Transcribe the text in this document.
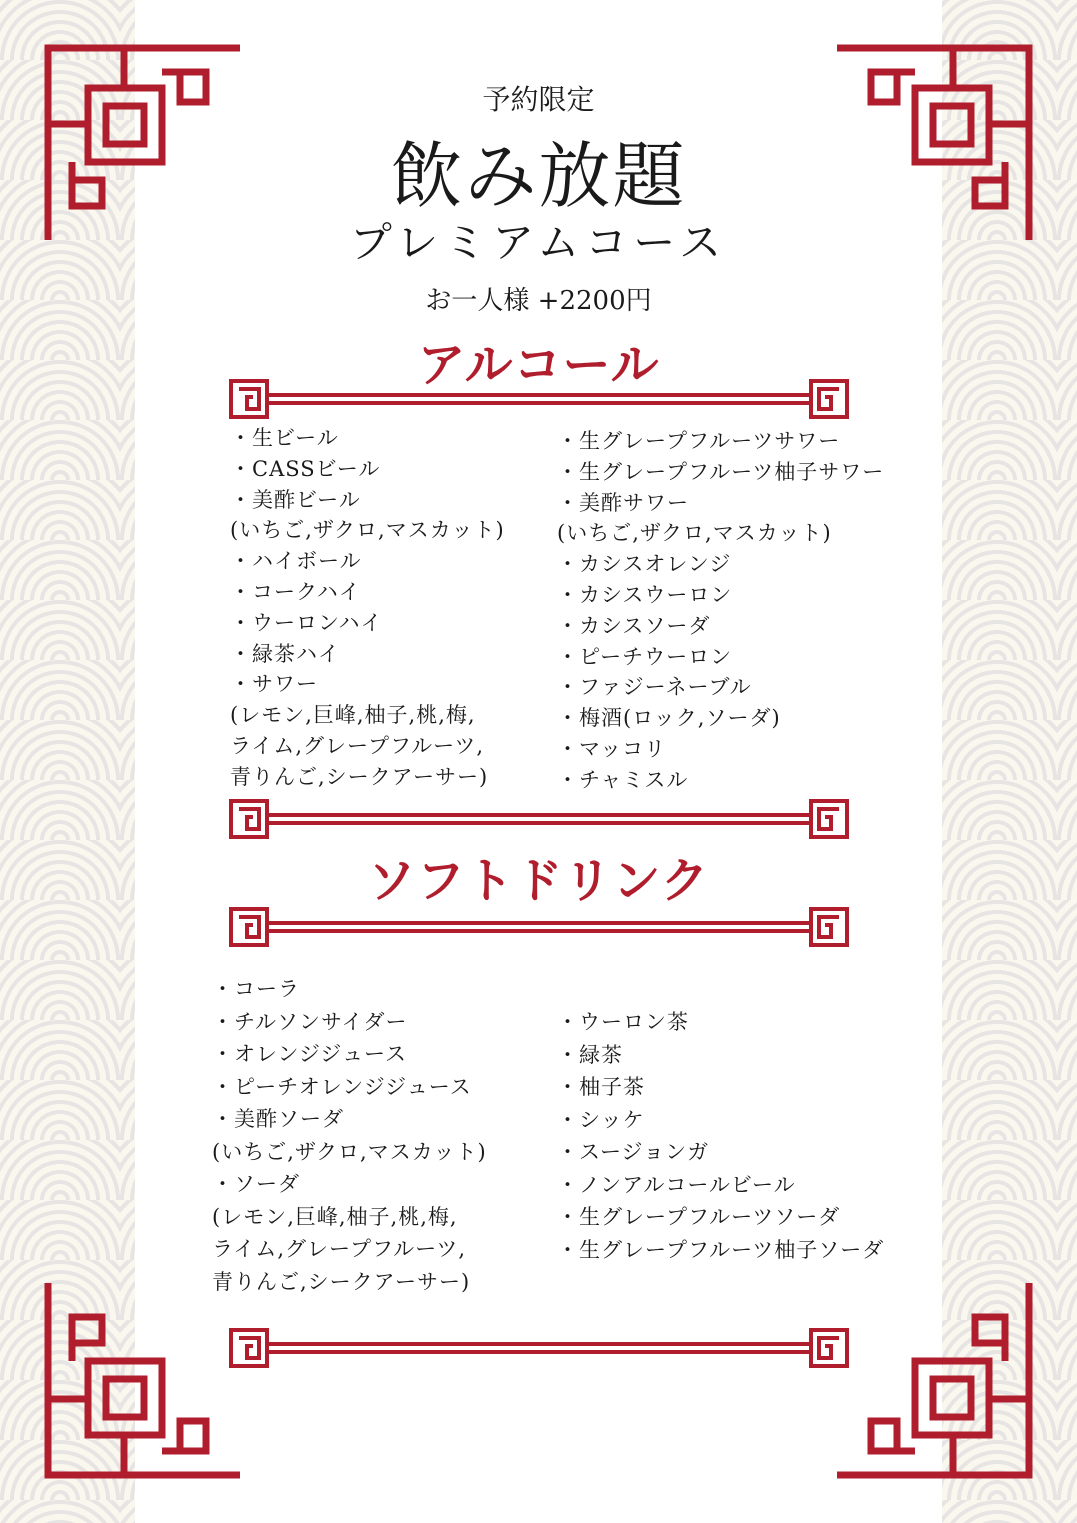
予約限定
飲み放題
プレミアムコース
お一人様 +2200円
アルコール
・生ビール
・CASSビール
・美酢ビール
(いちご,ザクロ,マスカット)
・ハイボール
・コークハイ
・ウーロンハイ
・緑茶ハイ
・サワー
(レモン,巨峰,柚子,桃,梅,
ライム,グレープフルーツ,
青りんご,シークアーサー)
・生グレープフルーツサワー
・生グレープフルーツ柚子サワー
・美酢サワー
(いちご,ザクロ,マスカット)
・カシスオレンジ
・カシスウーロン
・カシスソーダ
・ピーチウーロン
・ファジーネーブル
・梅酒(ロック,ソーダ)
・マッコリ
・チャミスル
ソフトドリンク
・コーラ
・チルソンサイダー
・オレンジジュース
・ピーチオレンジジュース
・美酢ソーダ
(いちご,ザクロ,マスカット)
・ソーダ
(レモン,巨峰,柚子,桃,梅,
ライム,グレープフルーツ,
青りんご,シークアーサー)
・ウーロン茶
・緑茶
・柚子茶
・シッケ
・スージョンガ
・ノンアルコールビール
・生グレープフルーツソーダ
・生グレープフルーツ柚子ソーダ
